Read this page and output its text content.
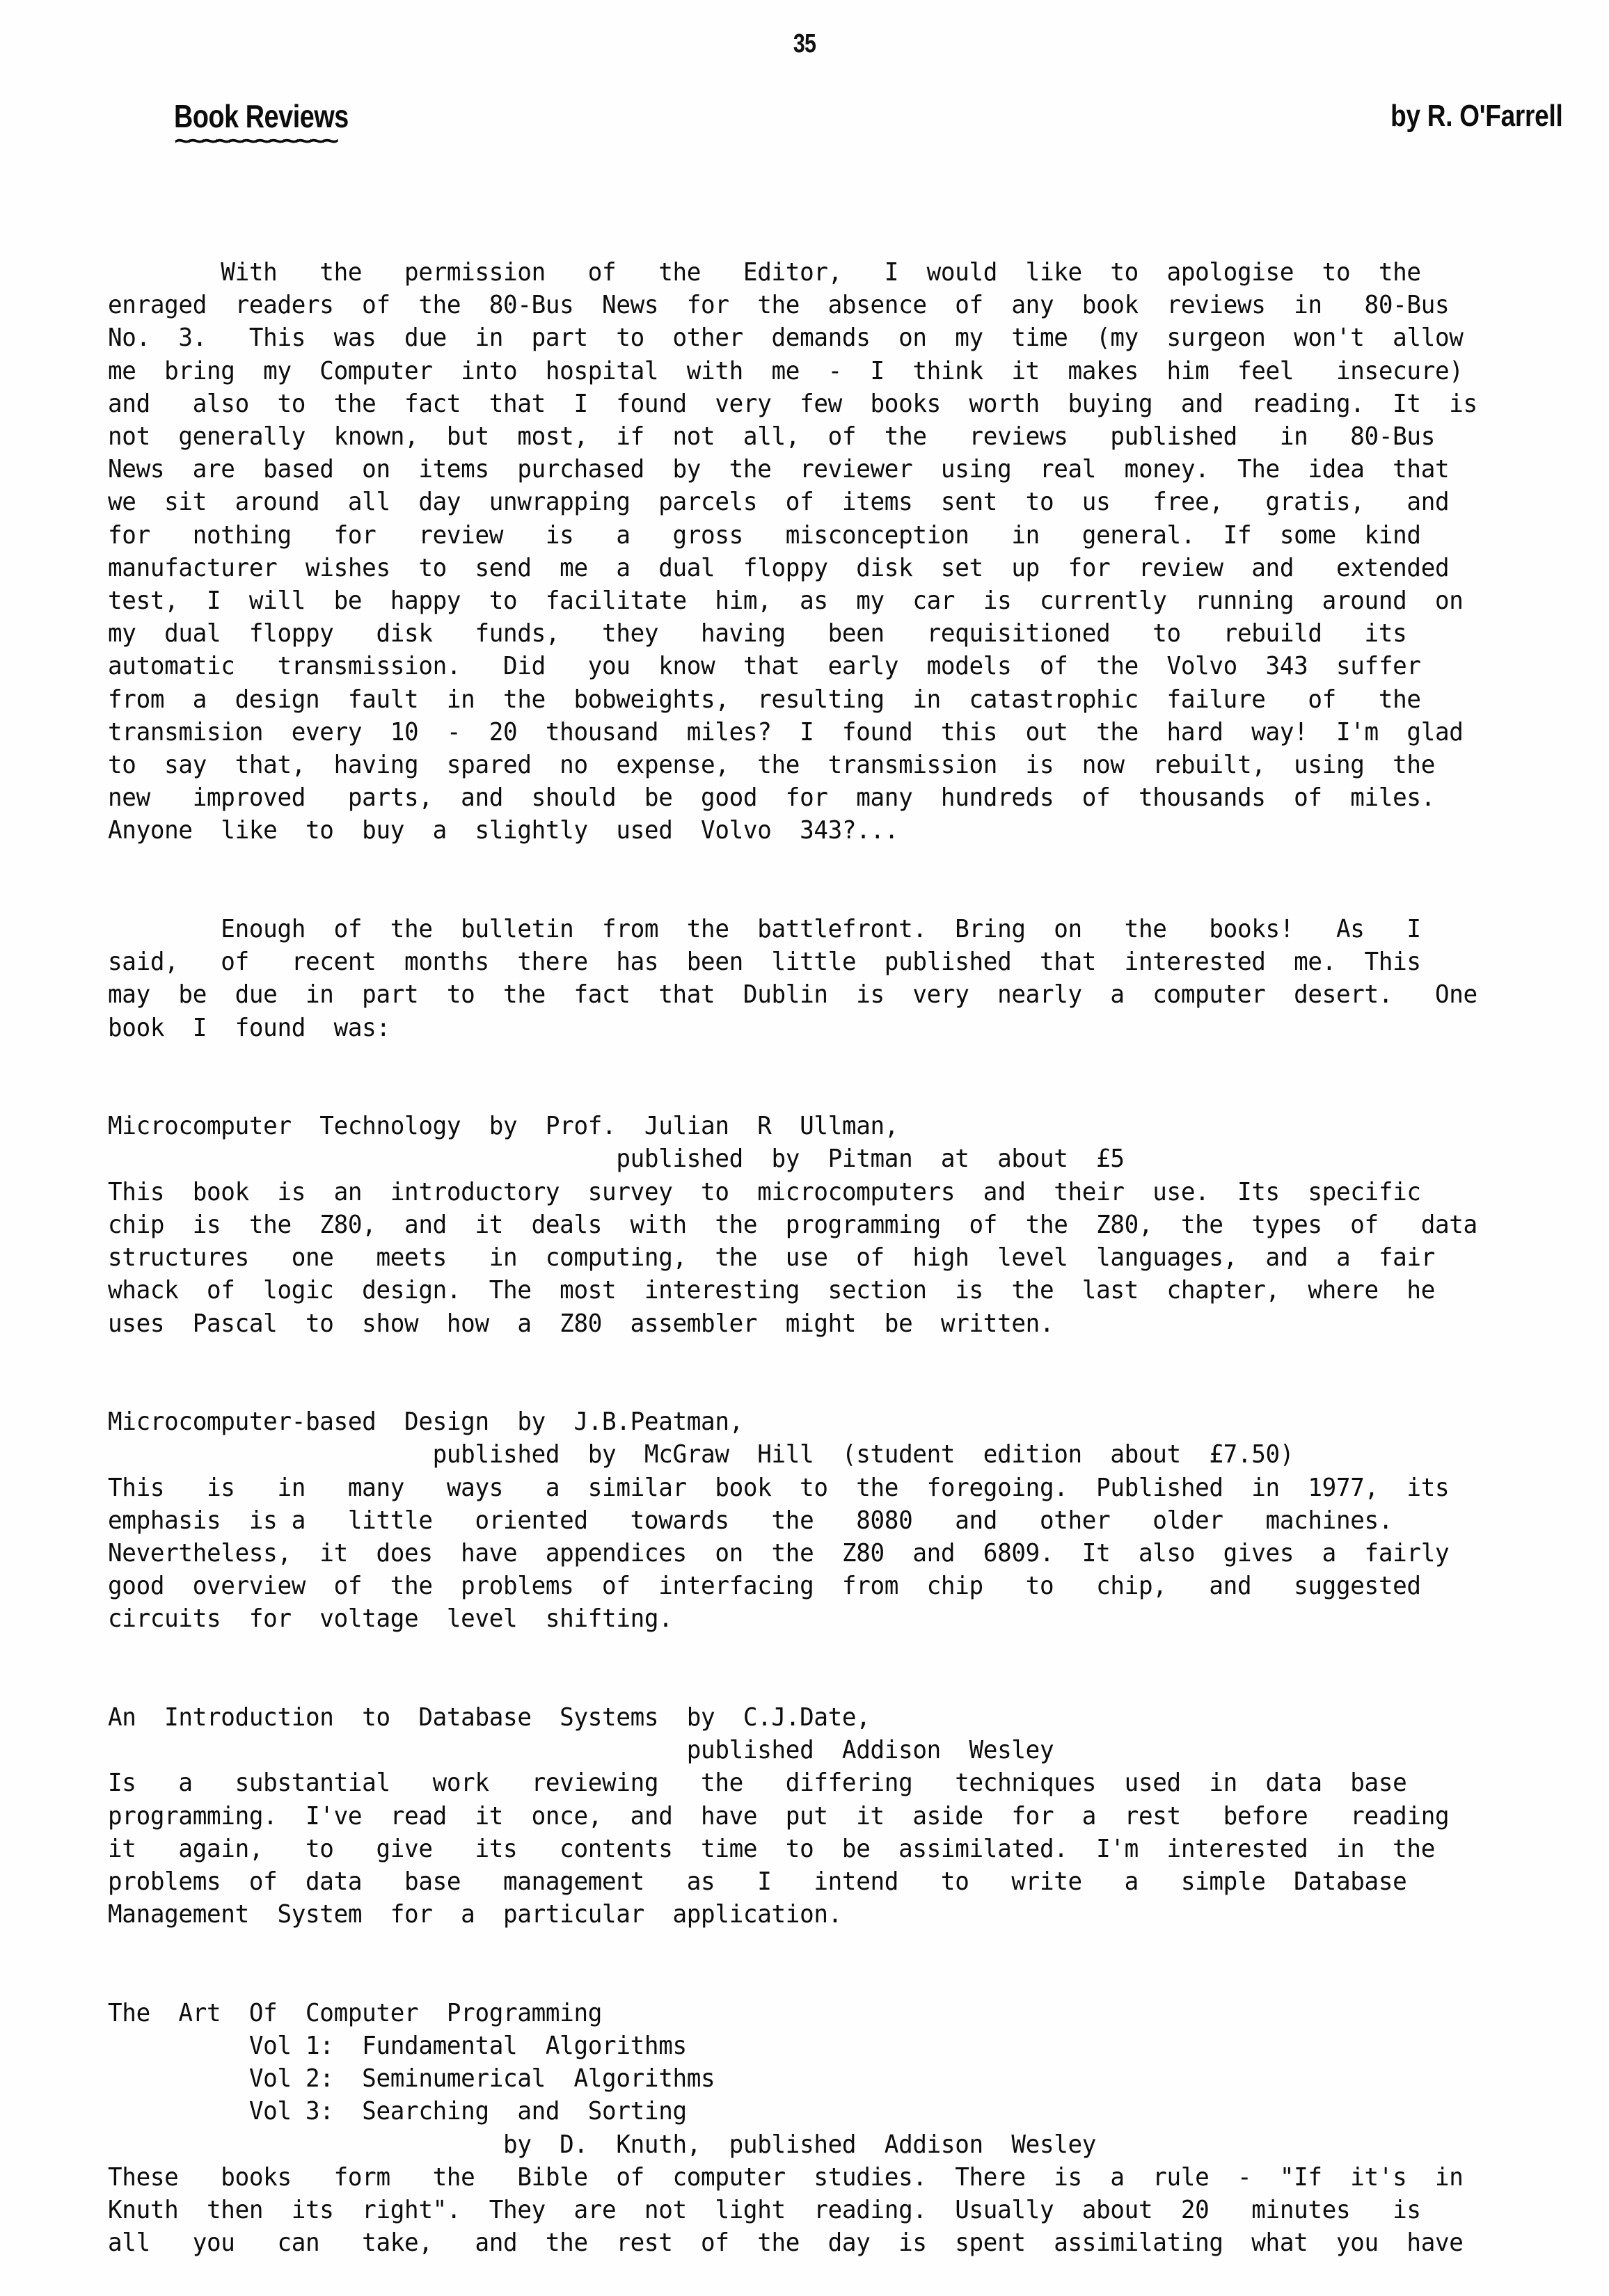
35
Book Reviews	by R. O'Farrell
~~~~~~~~~~~~
With   the   permission   of   the   Editor,   I  would  like  to  apologise  to  the
enraged  readers  of  the  80-Bus  News  for  the  absence  of  any  book  reviews  in   80-Bus
No.  3.   This  was  due  in  part  to  other  demands  on  my  time  (my  surgeon  won't  allow
me  bring  my  Computer  into  hospital  with  me  -  I  think  it  makes  him  feel   insecure)
and   also  to  the  fact  that  I  found  very  few  books  worth  buying  and  reading.  It  is
not  generally  known,  but  most,  if  not  all,  of  the   reviews   published   in   80-Bus
News  are  based  on  items  purchased  by  the  reviewer  using  real  money.  The  idea  that
we  sit  around  all  day  unwrapping  parcels  of  items  sent  to  us   free,   gratis,   and
for   nothing   for   review   is   a   gross   misconception   in   general.  If  some  kind
manufacturer  wishes  to  send  me  a  dual  floppy  disk  set  up  for  review  and   extended
test,  I  will  be  happy  to  facilitate  him,  as  my  car  is  currently  running  around  on
my  dual  floppy   disk   funds,   they   having   been   requisitioned   to   rebuild   its
automatic   transmission.   Did   you  know  that  early  models  of  the  Volvo  343  suffer
from  a  design  fault  in  the  bobweights,  resulting  in  catastrophic  failure   of   the
transmision  every  10  -  20  thousand  miles?  I  found  this  out  the  hard  way!  I'm  glad
to  say  that,  having  spared  no  expense,  the  transmission  is  now  rebuilt,  using  the
new   improved   parts,  and  should  be  good  for  many  hundreds  of  thousands  of  miles.
Anyone  like  to  buy  a  slightly  used  Volvo  343?...

Enough  of  the  bulletin  from  the  battlefront.  Bring  on   the   books!   As   I
said,   of   recent  months  there  has  been  little  published  that  interested  me.  This
may  be  due  in  part  to  the  fact  that  Dublin  is  very  nearly  a  computer  desert.   One
book  I  found  was:

Microcomputer  Technology  by  Prof.  Julian  R  Ullman,
published  by  Pitman  at  about  £5
This  book  is  an  introductory  survey  to  microcomputers  and  their  use.  Its  specific
chip  is  the  Z80,  and  it  deals  with  the  programming  of  the  Z80,  the  types  of   data
structures   one   meets   in  computing,  the  use  of  high  level  languages,  and  a  fair
whack  of  logic  design.  The  most  interesting  section  is  the  last  chapter,  where  he
uses  Pascal  to  show  how  a  Z80  assembler  might  be  written.

Microcomputer-based  Design  by  J.B.Peatman,
published  by  McGraw  Hill  (student  edition  about  £7.50)
This   is   in   many   ways   a  similar  book  to  the  foregoing.  Published  in  1977,  its
emphasis  is a   little   oriented   towards   the   8080   and   other   older   machines.
Nevertheless,  it  does  have  appendices  on  the  Z80  and  6809.  It  also  gives  a  fairly
good  overview  of  the  problems  of  interfacing  from  chip   to   chip,   and   suggested
circuits  for  voltage  level  shifting.

An  Introduction  to  Database  Systems  by  C.J.Date,
published  Addison  Wesley
Is   a   substantial   work   reviewing   the   differing   techniques  used  in  data  base
programming.  I've  read  it  once,  and  have  put  it  aside  for  a  rest   before   reading
it   again,   to   give   its   contents  time  to  be  assimilated.  I'm  interested  in  the
problems  of  data   base   management   as   I   intend   to   write   a   simple  Database
Management  System  for  a  particular  application.

The  Art  Of  Computer  Programming
Vol 1:  Fundamental  Algorithms
Vol 2:  Seminumerical  Algorithms
Vol 3:  Searching  and  Sorting
by  D.  Knuth,  published  Addison  Wesley
These   books   form   the   Bible  of  computer  studies.  There  is  a  rule  -  "If  it's  in
Knuth  then  its  right".  They  are  not  light  reading.  Usually  about  20   minutes   is
all   you   can   take,   and  the  rest  of  the  day  is  spent  assimilating  what  you  have
